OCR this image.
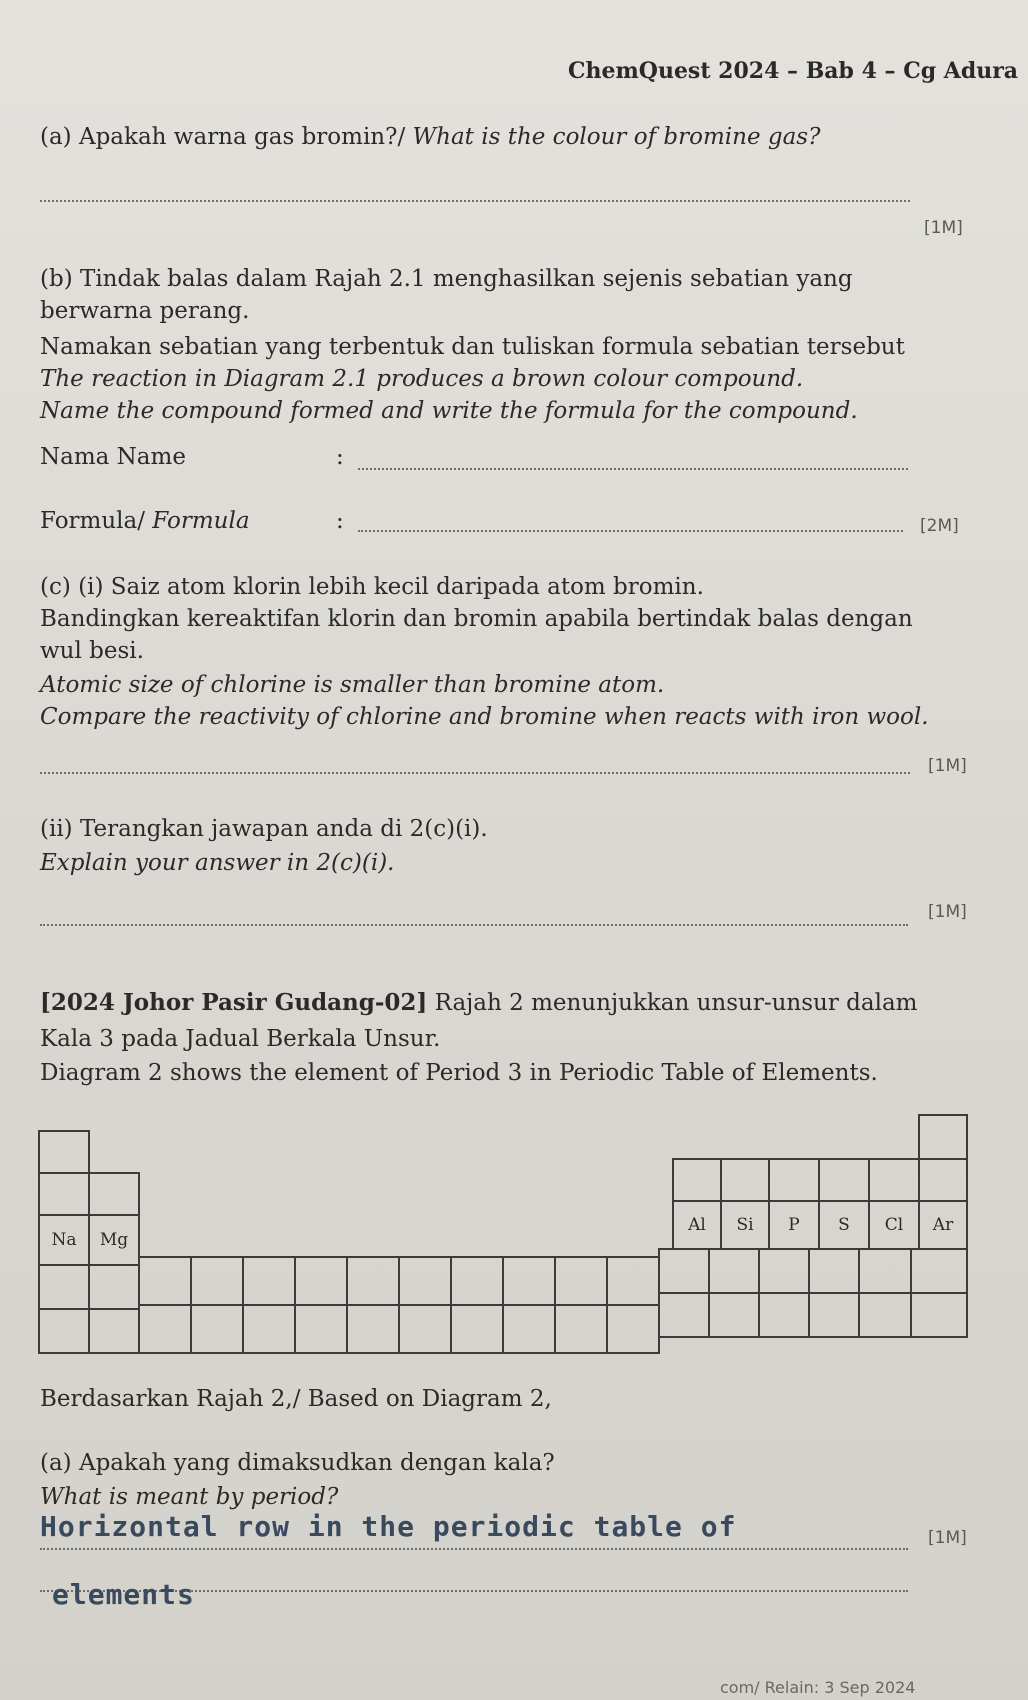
ChemQuest 2024 – Bab 4 – Cg Adura
(a) Apakah warna gas bromin?/ What is the colour of bromine gas?
[1M]
(b) Tindak balas dalam Rajah 2.1 menghasilkan sejenis sebatian yang
berwarna perang.
Namakan sebatian yang terbentuk dan tuliskan formula sebatian tersebut
The reaction in Diagram 2.1 produces a brown colour compound.
Name the compound formed and write the formula for the compound.
Nama Name	:
Formula/ Formula	:	[2M]
(c) (i) Saiz atom klorin lebih kecil daripada atom bromin.
Bandingkan kereaktifan klorin dan bromin apabila bertindak balas dengan
wul besi.
Atomic size of chlorine is smaller than bromine atom.
Compare the reactivity of chlorine and bromine when reacts with iron wool.
[1M]
(ii) Terangkan jawapan anda di 2(c)(i).
Explain your answer in 2(c)(i).
[1M]
[2024 Johor Pasir Gudang-02] Rajah 2 menunjukkan unsur-unsur dalam
Kala 3 pada Jadual Berkala Unsur.
Diagram 2 shows the element of Period 3 in Periodic Table of Elements.
Na	Mg
Al	Si	P	S	Cl	Ar
Berdasarkan Rajah 2,/ Based on Diagram 2,
(a) Apakah yang dimaksudkan dengan kala?
What is meant by period?
Horizontal row in the periodic table of	[1M]
elements
com/ Relain: 3 Sep 2024
